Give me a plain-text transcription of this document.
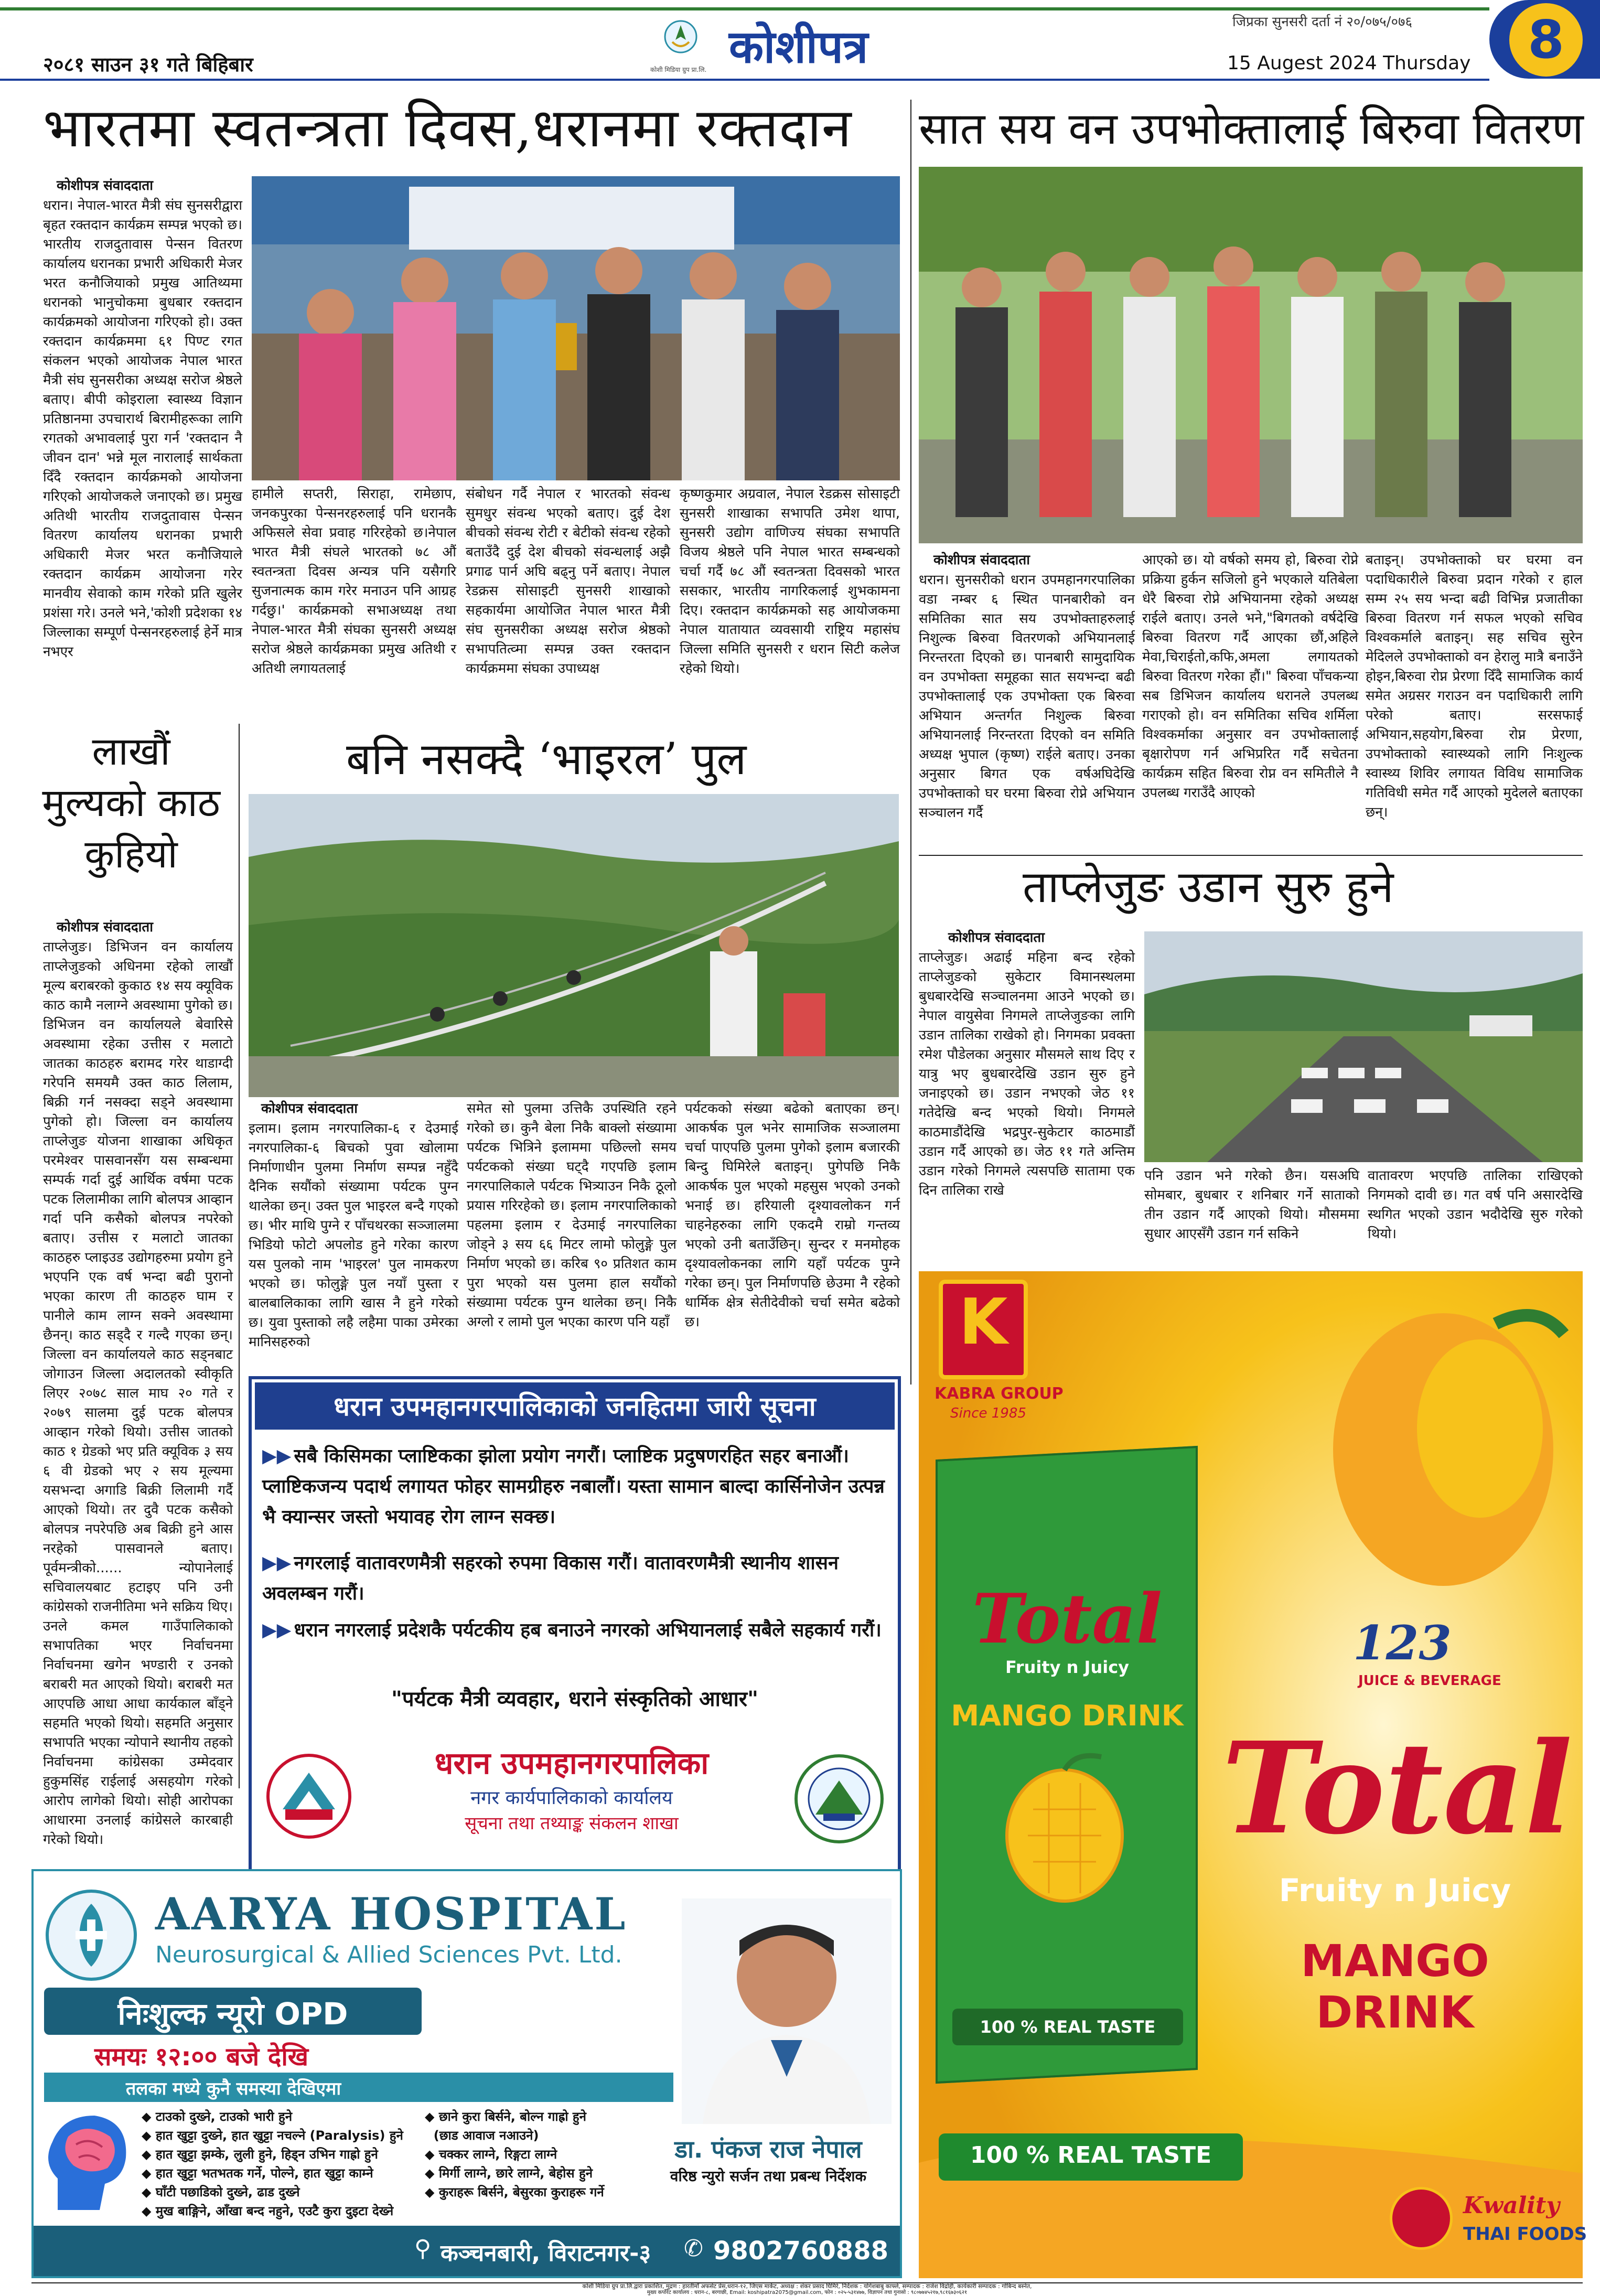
जिप्रका सुनसरी दर्ता नं २०/०७५/०७६
२०८१ साउन ३१ गते बिहिबार	कोशी मिडिया ग्रुप प्रा.लि. कोशीपत्र	15 Augest 2024 Thursday	8
भारतमा स्वतन्त्रता दिवस,धरानमा रक्तदान
कोशीपत्र संवाददाता
धरान। नेपाल-भारत मैत्री संघ सुनसरीद्वारा बृहत रक्तदान कार्यक्रम सम्पन्न भएको छ। भारतीय राजदुतावास पेन्सन वितरण कार्यालय धरानका प्रभारी अधिकारी मेजर भरत कनौजियाको प्रमुख आतिथ्यमा धरानको भानुचोकमा बुधबार रक्तदान कार्यक्रमको आयोजना गरिएको हो। उक्त रक्तदान कार्यक्रममा ६१ पिण्ट रगत संकलन भएको आयोजक नेपाल भारत मैत्री संघ सुनसरीका अध्यक्ष सरोज श्रेष्ठले बताए। बीपी कोइराला स्वास्थ्य विज्ञान प्रतिष्ठानमा उपचारार्थ बिरामीहरूका लागि रगतको अभावलाई पुरा गर्न 'रक्तदान नै जीवन दान' भन्ने मूल नारालाई सार्थकता दिँदै रक्तदान कार्यक्रमको आयोजना गरिएको आयोजकले जनाएको छ। प्रमुख अतिथी भारतीय राजदुतावास पेन्सन वितरण कार्यालय धरानका प्रभारी अधिकारी मेजर भरत कनौजियाले रक्तदान कार्यक्रम आयोजना गरेर मानवीय सेवाको काम गरेको प्रति खुलेर प्रशंसा गरे। उनले भने,'कोशी प्रदेशका १४ जिल्लाका सम्पूर्ण पेन्सनरहरुलाई हेर्ने मात्र नभएर
हामीले सप्तरी, सिराहा, रामेछाप, जनकपुरका पेन्सनरहरुलाई पनि धरानकै अफिसले सेवा प्रवाह गरिरहेको छ।नेपाल भारत मैत्री संघले भारतको ७८ औं स्वतन्त्रता दिवस अन्यत्र पनि यसैगरि सुजनात्मक काम गरेर मनाउन पनि आग्रह गर्दछु।' कार्यक्रमको सभाअध्यक्ष तथा नेपाल-भारत मैत्री संघका सुनसरी अध्यक्ष सरोज श्रेष्ठले कार्यक्रमका प्रमुख अतिथी र अतिथी लगायतलाई
संबोधन गर्दै नेपाल र भारतको संवन्ध सुमधुर संवन्ध भएको बताए। दुई देश बीचको संवन्ध रोटी र बेटीको संवन्ध रहेको बताउँदै दुई देश बीचको संवन्धलाई अझै प्रगाढ पार्न अघि बढ्नु पर्ने बताए। नेपाल रेडक्रस सोसाइटी सुनसरी शाखाको सहकार्यमा आयोजित नेपाल भारत मैत्री संघ सुनसरीका अध्यक्ष सरोज श्रेष्ठको सभापतित्व्मा सम्पन्न उक्त रक्तदान कार्यक्रममा संघका उपाध्यक्ष
कृष्णकुमार अग्रवाल, नेपाल रेडक्रस सोसाइटी सुनसरी शाखाका सभापति उमेश थापा, सुनसरी उद्योग वाणिज्य संघका सभापति विजय श्रेष्ठले पनि नेपाल भारत सम्बन्धको चर्चा गर्दै ७८ औं स्वतन्त्रता दिवसको भारत ससकार, भारतीय नागरिकलाई शुभकामना दिए। रक्तदान कार्यक्रमको सह आयोजकमा नेपाल यातायात व्यवसायी राष्ट्रिय महासंघ जिल्ला समिति सुनसरी र धरान सिटी कलेज रहेको थियो।
सात सय वन उपभोक्तालाई बिरुवा वितरण
कोशीपत्र संवाददाता
धरान। सुनसरीको धरान उपमहानगरपालिका वडा नम्बर ६ स्थित पानबारीको वन समितिका सात सय उपभोक्ताहरुलाई निशुल्क बिरुवा वितरणको अभियानलाई निरन्तरता दिएको छ। पानबारी सामुदायिक वन उपभोक्ता समूहका सात सयभन्दा बढी उपभोक्तालाई एक उपभोक्ता एक बिरुवा अभियान अन्तर्गत निशुल्क बिरुवा अभियानलाई निरन्तरता दिएको वन समिति अध्यक्ष भुपाल (कृष्ण) राईले बताए। उनका अनुसार बिगत एक वर्षअघिदेखि उपभोक्ताको घर घरमा बिरुवा रोप्ने अभियान सञ्चालन गर्दै
आएको छ। यो वर्षको समय हो, बिरुवा रोप्ने प्रक्रिया हुर्कन सजिलो हुने भएकाले यतिबेला धेरै बिरुवा रोप्ने अभियानमा रहेको अध्यक्ष राईले बताए। उनले भने,"बिगतको वर्षदेखि बिरुवा वितरण गर्दै आएका छौं,अहिले मेवा,चिराईतो,कफि,अमला लगायतको बिरुवा वितरण गरेका हौं।" बिरुवा पाँचकन्या सब डिभिजन कार्यालय धरानले उपलब्ध गराएको हो। वन समितिका सचिव शर्मिला विश्वकर्माका अनुसार वन उपभोक्तालाई बृक्षारोपण गर्न अभिप्ररित गर्दै सचेतना कार्यक्रम सहित बिरुवा रोप्न वन समितीले नै उपलब्ध गराउँदै आएको
बताइन्। उपभोक्ताको घर घरमा वन पदाधिकारीले बिरुवा प्रदान गरेको र हाल सम्म २५ सय भन्दा बढी विभिन्न प्रजातीका बिरुवा वितरण गर्न सफल भएको सचिव विश्वकर्माले बताइन्। सह सचिव सुरेन मेदिलले उपभोक्ताको वन हेरालु मात्रै बनाउँने होइन,बिरुवा रोप्न प्रेरणा दिँदै सामाजिक कार्य समेत अग्रसर गराउन वन पदाधिकारी लागि परेको बताए। सरसफाई अभियान,सहयोग,बिरुवा रोप्न प्रेरणा, उपभोक्ताको स्वास्थ्यको लागि निःशुल्क स्वास्थ्य शिविर लगायत विविध सामाजिक गतिविधी समेत गर्दै आएको मुदेलले बताएका छन्।
लाखौं
मुल्यको काठ
कुहियो
कोशीपत्र संवाददाता
ताप्लेजुङ। डिभिजन वन कार्यालय ताप्लेजुङको अधिनमा रहेको लाखौं मूल्य बराबरको कुकाठ १४ सय क्यूविक काठ कामै नलाग्ने अवस्थामा पुगेको छ। डिभिजन वन कार्यालयले बेवारिसे अवस्थामा रहेका उत्तीस र मलाटो जातका काठहरु बरामद गरेर थाडाग्दी गरेपनि समयमै उक्त काठ लिलाम, बिक्री गर्न नसक्दा सड्ने अवस्थामा पुगेको हो। जिल्ला वन कार्यालय ताप्लेजुङ योजना शाखाका अधिकृत परमेश्वर पासवानसँग यस सम्बन्धमा सम्पर्क गर्दा दुई आर्थिक वर्षमा पटक पटक लिलामीका लागि बोलपत्र आव्हान गर्दा पनि कसैको बोलपत्र नपरेको बताए। उत्तीस र मलाटो जातका काठहरु प्लाइउड उद्योगहरुमा प्रयोग हुने भएपनि एक वर्ष भन्दा बढी पुरानो भएका कारण ती काठहरु घाम र पानीले काम लाग्न सक्ने अवस्थामा छैनन्। काठ सड्दै र गल्दै गएका छन्। जिल्ला वन कार्यालयले काठ सड्नबाट जोगाउन जिल्ला अदालतको स्वीकृति लिएर २०७८ साल माघ २० गते र २०७९ सालमा दुई पटक बोलपत्र आव्हान गरेको थियो। उत्तीस जातको काठ १ ग्रेडको भए प्रति क्यूविक ३ सय ६ वी ग्रेडको भए २ सय मूल्यमा यसभन्दा अगाडि बिक्री लिलामी गर्दै आएको थियो। तर दुवै पटक कसैको बोलपत्र नपरेपछि अब बिक्री हुने आस नरहेको पासवानले बताए। पूर्वमन्त्रीको...... न्योपानेलाई सचिवालयबाट हटाइए पनि उनी कांग्रेसको राजनीतिमा भने सक्रिय थिए। उनले कमल गाउँपालिकाको सभापतिका भएर निर्वाचनमा निर्वाचनमा खगेन भण्डारी र उनको बराबरी मत आएको थियो। बराबरी मत आएपछि आधा आधा कार्यकाल बाँड्ने सहमति भएको थियो। सहमति अनुसार सभापति भएका न्योपाने स्थानीय तहको निर्वाचनमा कांग्रेसका उम्मेदवार हुकुमसिंह राईलाई असहयोग गरेको आरोप लागेको थियो। सोही आरोपका आधारमा उनलाई कांग्रेसले कारबाही गरेको थियो।
बनि नसक्दै ‘भाइरल’ पुल
कोशीपत्र संवाददाता
इलाम। इलाम नगरपालिका-६ र देउमाई नगरपालिका-६ बिचको पुवा खोलामा निर्माणाधीन पुलमा निर्माण सम्पन्न नहुँदै दैनिक सयौंको सं‍ख्यामा पर्यटक पुग्न थालेका छन्। उक्त पुल भाइरल बन्दै गएको छ। भीर माथि पुग्ने र पाँचथरका सञ्जालमा भिडियो फोटो अपलोड हुने गरेका कारण यस पुलको नाम 'भाइरल' पुल नामकरण भएको छ। फोलुङ्गे पुल नयाँ पुस्ता र बालबालिकाका लागि खास नै हुने गरेको छ। युवा पुस्ताको लहै लहैमा पाका उमेरका मानिसहरुको
समेत सो पुलमा उत्तिकै उपस्थिति रहने गरेको छ। कुनै बेला निकै बाक्लो सं‍ख्यामा पर्यटक भित्रिने इलाममा पछिल्लो समय पर्यटकको सं‍ख्या घट्दै गएपछि इलाम नगरपालिकाले पर्यटक भित्र्याउन निकै ठूलो प्रयास गरिरहेको छ। इलाम नगरपालिकाको पहलमा इलाम र देउमाई नगरपालिका जोड्ने ३ सय ६६ मिटर लामो फोलुङ्गे पुल निर्माण भएको छ। करिब ९० प्रतिशत काम पुरा भएको यस पुलमा हाल सयौंको सं‍ख्यामा पर्यटक पुग्न थालेका छन्। निकै अग्लो र लामो पुल भएका कारण पनि यहाँ
पर्यटकको सं‍ख्या बढेको बताएका छन्। आकर्षक पुल भनेर सामाजिक सञ्जालमा चर्चा पाएपछि पुलमा पुगेको इलाम बजारकी बिन्दु घिमिरेले बताइन्। पुगेपछि निकै आकर्षक पुल भएको महसुस भएको उनको भनाई छ। हरियाली दृश्यावलोकन गर्न चाहनेहरुका लागि एकदमै राम्रो गन्तव्य भएको उनी बताउँछिन्। सुन्दर र मनमोहक दृश्यावलोकनका लागि यहाँ पर्यटक पुग्ने गरेका छन्। पुल निर्माणपछि छेउमा नै रहेको धार्मिक क्षेत्र सेतीदेवीको चर्चा समेत बढेको छ।
ताप्लेजुङ उडान सुरु हुने
कोशीपत्र संवाददाता
ताप्लेजुङ। अढाई महिना बन्द रहेको ताप्लेजुङको सुकेटार विमानस्थलमा बुधबारदेखि सञ्चालनमा आउने भएको छ। नेपाल वायुसेवा निगमले ताप्लेजुङका लागि उडान तालिका राखेको हो। निगमका प्रवक्ता रमेश पौडेलका अनुसार मौसमले साथ दिए र यात्रु भए बुधबारदेखि उडान सुरु हुने जनाइएको छ। उडान नभएको जेठ ११ गतेदेखि बन्द भएको थियो। निगमले काठमाडौंदेखि भद्रपुर-सुकेटार काठमाडौं उडान गर्दै आएको छ। जेठ ११ गते अन्तिम उडान गरेको निगमले त्यसपछि सातामा एक दिन तालिका राखे
पनि उडान भने गरेको छैन। यसअघि सोमबार, बुधबार र शनिबार गर्ने साताको तीन उडान गर्दै आएको थियो। मौसममा सुधार आएसँगै उडान गर्न सकिने
वातावरण भएपछि तालिका राखिएको निगमको दावी छ। गत वर्ष पनि असारदेखि स्थगित भएको उडान भदौदेखि सुरु गरेको थियो।
धरान उपमहानगरपालिकाको जनहितमा जारी सूचना
▶▶ सबै किसिमका प्लाष्टिकका झोला प्रयोग नगरौं। प्लाष्टिक प्रदुषणरहित सहर बनाऔं। प्लाष्टिकजन्य पदार्थ लगायत फोहर सामग्रीहरु नबालौं। यस्ता सामान बाल्दा कार्सिनोजेन उत्पन्न भै क्यान्सर जस्तो भयावह रोग लाग्न सक्छ।
▶▶ नगरलाई वातावरणमैत्री सहरको रुपमा विकास गरौं। वातावरणमैत्री स्थानीय शासन अवलम्बन गरौं।
▶▶ धरान नगरलाई प्रदेशकै पर्यटकीय हब बनाउने नगरको अभियानलाई सबैले सहकार्य गरौं।
"पर्यटक मैत्री व्यवहार, धराने संस्कृतिको आधार"
धरान उपमहानगरपालिका
नगर कार्यपालिकाको कार्यालय
सूचना तथा तथ्याङ्क संकलन शाखा
AARYA HOSPITAL
Neurosurgical & Allied Sciences Pvt. Ltd.
निःशुल्क न्यूरो OPD
समयः १२:०० बजे देखि
तलका मध्ये कुनै समस्या देखिएमा
◆ टाउको दुख्ने, टाउको भारी हुने
◆ हात खुट्टा दुख्ने, हात खुट्टा नचल्ने (Paralysis) हुने
◆ हात खुट्टा झम्के, लुली हुने, हिड्न उभिन गाह्रो हुने
◆ हात खुट्टा भतभतक गर्ने, पोल्ने, हात खुट्टा काम्ने
◆ घाँटी पछाडिको दुख्ने, ढाड दुख्ने
◆ मुख बाङ्गिने, आँखा बन्द नहुने, एउटै कुरा दुइटा देख्ने
◆ छाने कुरा बिर्सने, बोल्न गाह्रो हुने
(छाड आवाज नआउने)
◆ चक्कर लाग्ने, रिङ्गटा लाग्ने
◆ मिर्गी लाग्ने, छारे लाग्ने, बेहोस हुने
◆ कुराहरू बिर्सने, बेसुरका कुराहरू गर्ने
डा. पंकज राज नेपाल
वरिष्ठ न्युरो सर्जन तथा प्रबन्ध निर्देशक
⚲ कञ्चनबारी, विराटनगर-३ ✆ 9802760888
K
KABRA GROUP
Since 1985
Total
Fruity n Juicy
MANGO DRINK
100 % REAL TASTE
123
JUICE & BEVERAGE
Total
Fruity n Juicy
MANGO DRINK
100 % REAL TASTE
Kwality
THAI FOODS
कोशी मिडिया ग्रुप प्रा.लि.द्वारा प्रकाशित, मुद्रण : हारतीमाँ अफसेट प्रेस,धरान-१२, जिएस मार्केट, अध्यक्ष : शंकर प्रसाद घिमिरे, निर्देशक : योगेशबाबु काफ्ले, सम्पादक : राजेश विद्रोही, कार्यकारी सम्पादक : गोबिन्द बस्नेत,
मुख्य कर्पोरेट कार्यालय : धरान-८, बरगाछी, Email: koshipatra2075@gmail.com, फोन : ०२५-५३१४७७, विज्ञापन तथा गुनासो : ९८०७७४५२१७,९८१६७३०६२१
